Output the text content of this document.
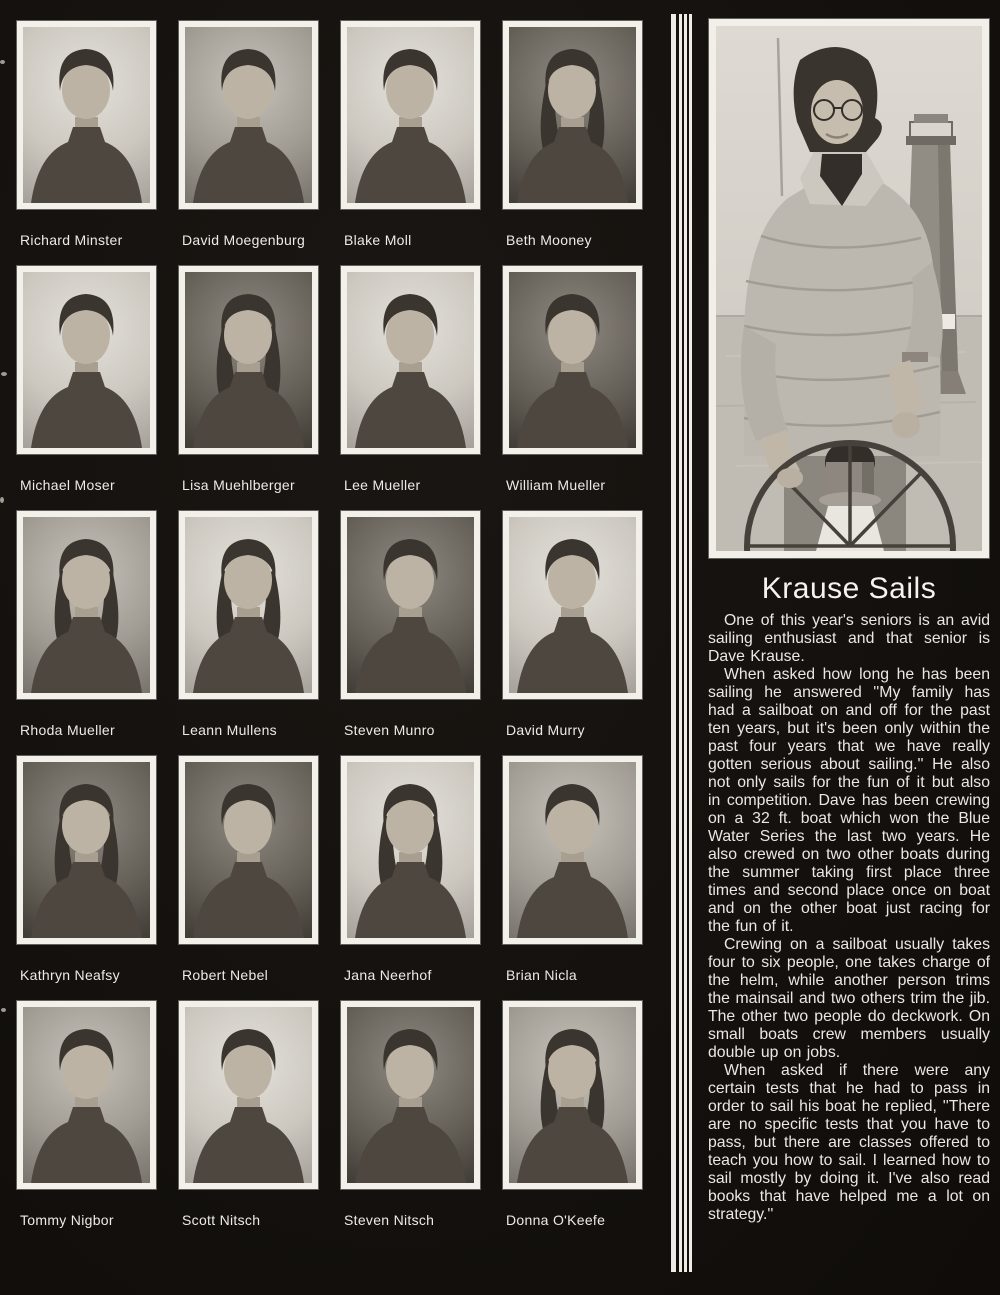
Richard Minster	David Moegenburg	Blake Moll	Beth Mooney
Michael Moser	Lisa Muehlberger	Lee Mueller	William Mueller
Rhoda Mueller	Leann Mullens	Steven Munro	David Murry
Kathryn Neafsy	Robert Nebel	Jana Neerhof	Brian Nicla
Tommy Nigbor	Scott Nitsch	Steven Nitsch	Donna O'Keefe
Krause Sails

One of this year's seniors is an avid sailing enthusiast and that senior is Dave Krause.

When asked how long he has been sailing he answered ''My family has had a sailboat on and off for the past ten years, but it's been only within the past four years that we have really gotten serious about sailing.'' He also not only sails for the fun of it but also in competition. Dave has been crewing on a 32 ft. boat which won the Blue Water Series the last two years. He also crewed on two other boats during the summer taking first place three times and second place once on boat and on the other boat just racing for the fun of it.

Crewing on a sailboat usually takes four to six people, one takes charge of the helm, while another person trims the mainsail and two others trim the jib. The other two people do deckwork. On small boats crew members usually double up on jobs.

When asked if there were any certain tests that he had to pass in order to sail his boat he replied, ''There are no specific tests that you have to pass, but there are classes offered to teach you how to sail. I learned how to sail mostly by doing it. I've also read books that have helped me a lot on strategy.''
